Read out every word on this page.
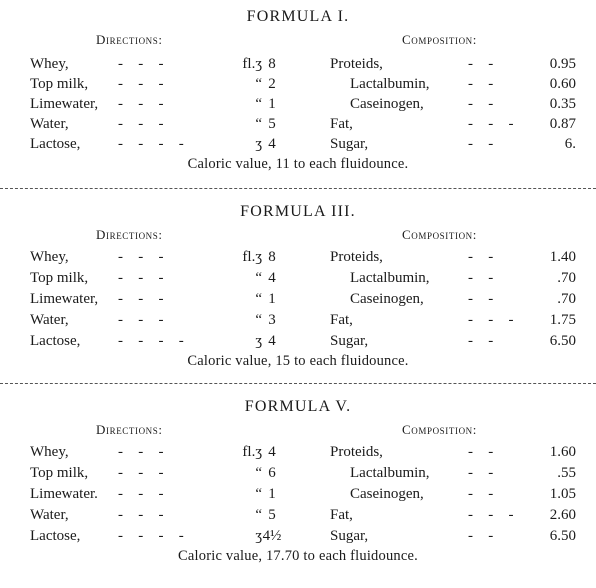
FORMULA I.
Directions:	Composition:
Whey,	-   -   -	fl.ʒ 8	Proteids,	-   -	0.95
Top milk, -   -   -	“ 2	Lactalbumin,	-   -	0.60
Limewater, -   -   -	“ 1	Caseinogen,	-   -	0.35
Water,	-   -   -	“ 5	Fat,	-   -   -	0.87
Lactose,	-   -   -   -	ʒ 4	Sugar,	-   -	6.
Caloric value, 11 to each fluidounce.
FORMULA III.
Directions:	Composition:
Whey,	-   -   -	fl.ʒ 8	Proteids,	-   -	1.40
Top milk, -   -   -	“ 4	Lactalbumin,	-   -	.70
Limewater, -   -   -	“ 1	Caseinogen,	-   -	.70
Water,	-   -   -	“ 3	Fat,	-   -   -	1.75
Lactose,	-   -   -   -	ʒ 4	Sugar,	-   -	6.50
Caloric value, 15 to each fluidounce.
FORMULA V.
Directions:	Composition:
Whey,	-   -   -	fl.ʒ 4	Proteids,	-   -	1.60
Top milk, -   -   -	“ 6	Lactalbumin,	-   -	.55
Limewater. -   -   -	“ 1	Caseinogen,	-   -	1.05
Water,	-   -   -	“ 5	Fat,	-   -   -	2.60
Lactose,	-   -   -   -	ʒ 4½	Sugar,	-   -	6.50
Caloric value, 17.70 to each fluidounce.
